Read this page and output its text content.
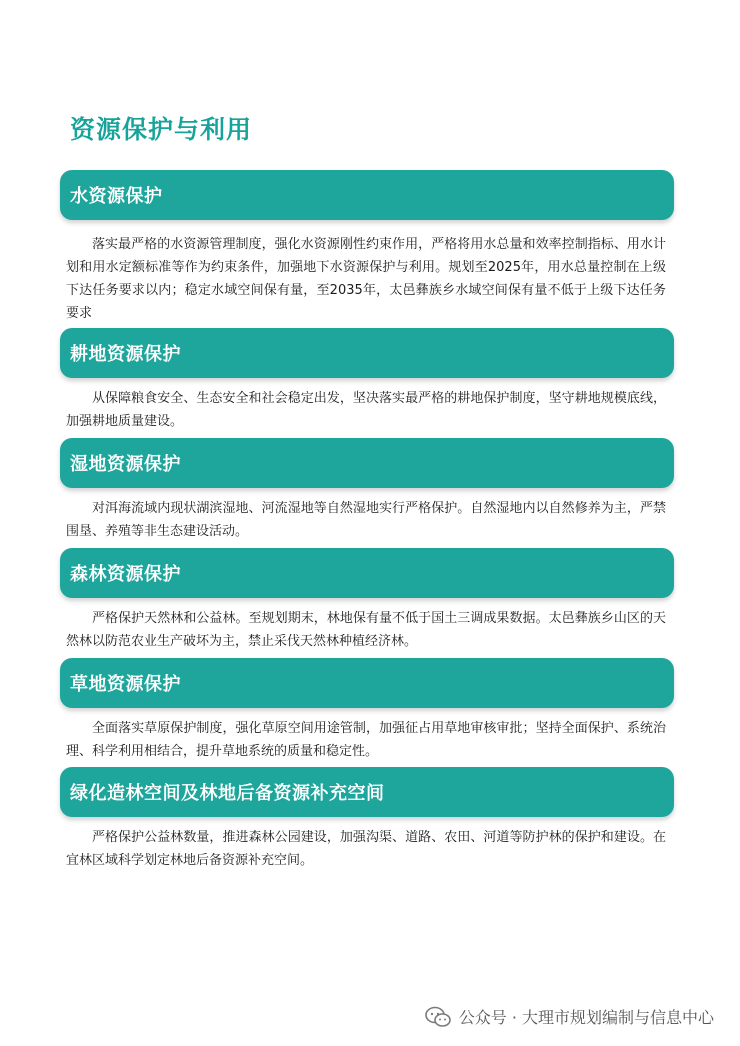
资源保护与利用
水资源保护

落实最严格的水资源管理制度，强化水资源刚性约束作用，严格将用水总量和效率控制指标、用水计划和用水定额标准等作为约束条件，加强地下水资源保护与利用。规划至2025年，用水总量控制在上级下达任务要求以内；稳定水域空间保有量，至2035年，太邑彝族乡水域空间保有量不低于上级下达任务要求

耕地资源保护

从保障粮食安全、生态安全和社会稳定出发，坚决落实最严格的耕地保护制度，坚守耕地规模底线，加强耕地质量建设。

湿地资源保护

对洱海流域内现状湖滨湿地、河流湿地等自然湿地实行严格保护。自然湿地内以自然修养为主，严禁围垦、养殖等非生态建设活动。

森林资源保护

严格保护天然林和公益林。至规划期末，林地保有量不低于国土三调成果数据。太邑彝族乡山区的天然林以防范农业生产破坏为主，禁止采伐天然林种植经济林。

草地资源保护

全面落实草原保护制度，强化草原空间用途管制，加强征占用草地审核审批；坚持全面保护、系统治理、科学利用相结合，提升草地系统的质量和稳定性。

绿化造林空间及林地后备资源补充空间

严格保护公益林数量，推进森林公园建设，加强沟渠、道路、农田、河道等防护林的保护和建设。在宜林区域科学划定林地后备资源补充空间。

公众号 · 大理市规划编制与信息中心
